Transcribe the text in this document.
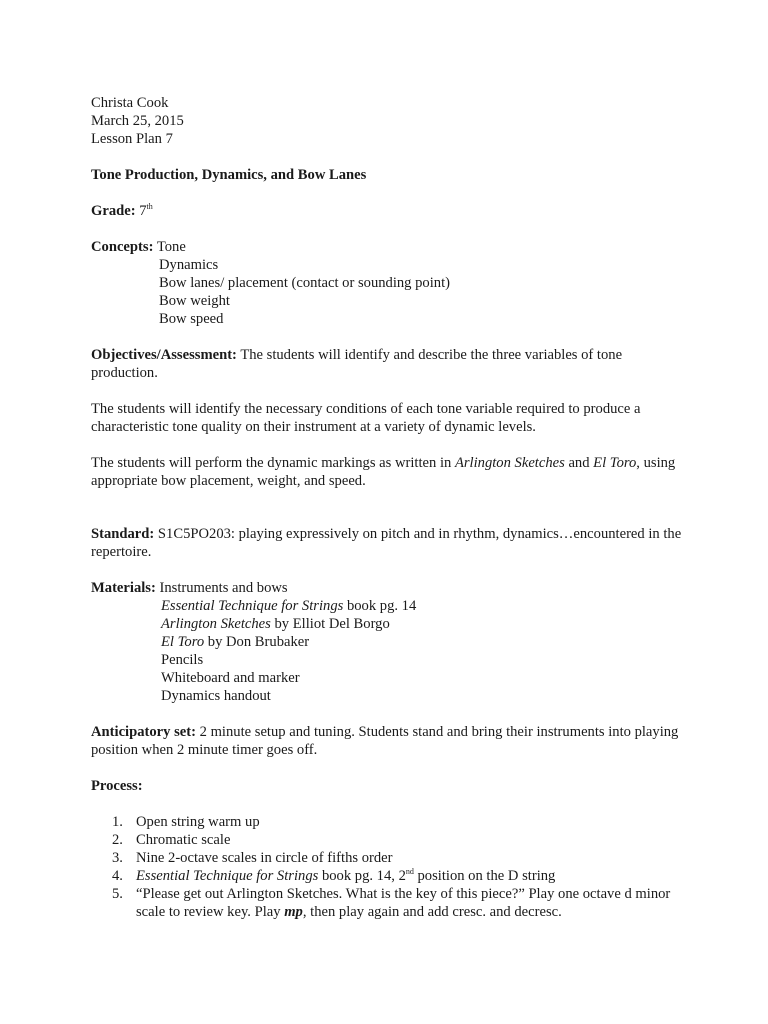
Christa Cook
March 25, 2015
Lesson Plan 7
Tone Production, Dynamics, and Bow Lanes
Grade: 7th
Concepts: Tone
Dynamics
Bow lanes/ placement (contact or sounding point)
Bow weight
Bow speed

Objectives/Assessment: The students will identify and describe the three variables of tone production.

The students will identify the necessary conditions of each tone variable required to produce a characteristic tone quality on their instrument at a variety of dynamic levels.

The students will perform the dynamic markings as written in Arlington Sketches and El Toro, using appropriate bow placement, weight, and speed.

Standard: S1C5PO203: playing expressively on pitch and in rhythm, dynamics…encountered in the repertoire.

Materials: Instruments and bows
Essential Technique for Strings book pg. 14
Arlington Sketches by Elliot Del Borgo
El Toro by Don Brubaker
Pencils
Whiteboard and marker
Dynamics handout

Anticipatory set: 2 minute setup and tuning. Students stand and bring their instruments into playing position when 2 minute timer goes off.

Process:
1. Open string warm up
2. Chromatic scale
3. Nine 2-octave scales in circle of fifths order
4. Essential Technique for Strings book pg. 14, 2nd position on the D string
5. “Please get out Arlington Sketches. What is the key of this piece?” Play one octave d minor scale to review key. Play mp, then play again and add cresc. and decresc.
